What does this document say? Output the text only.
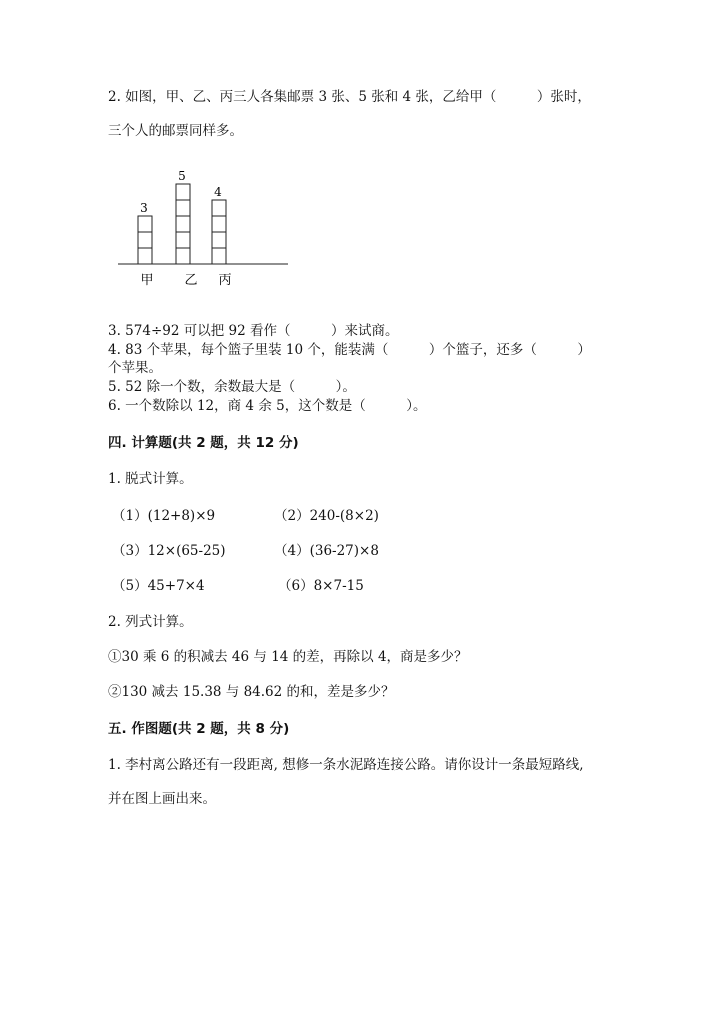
2. 如图，甲、乙、丙三人各集邮票 3 张、5 张和 4 张，乙给甲（　　　）张时，
三个人的邮票同样多。
甲 乙 丙
3
5
4
3. 574÷92 可以把 92 看作（　　　）来试商。
4. 83 个苹果，每个篮子里装 10 个，能装满（　　　）个篮子，还多（　　　）
个苹果。
5. 52 除一个数，余数最大是（　　　）。
6. 一个数除以 12，商 4 余 5，这个数是（　　　）。
四. 计算题(共 2 题，共 12 分)
1. 脱式计算。
（1）(12+8)×9	（2）240-(8×2)
（3）12×(65-25)	（4）(36-27)×8
（5）45+7×4	（6）8×7-15
2. 列式计算。
①30 乘 6 的积减去 46 与 14 的差，再除以 4，商是多少？
②130 减去 15.38 与 84.62 的和，差是多少？
五. 作图题(共 2 题，共 8 分)
1. 李村离公路还有一段距离, 想修一条水泥路连接公路。请你设计一条最短路线,
并在图上画出来。
